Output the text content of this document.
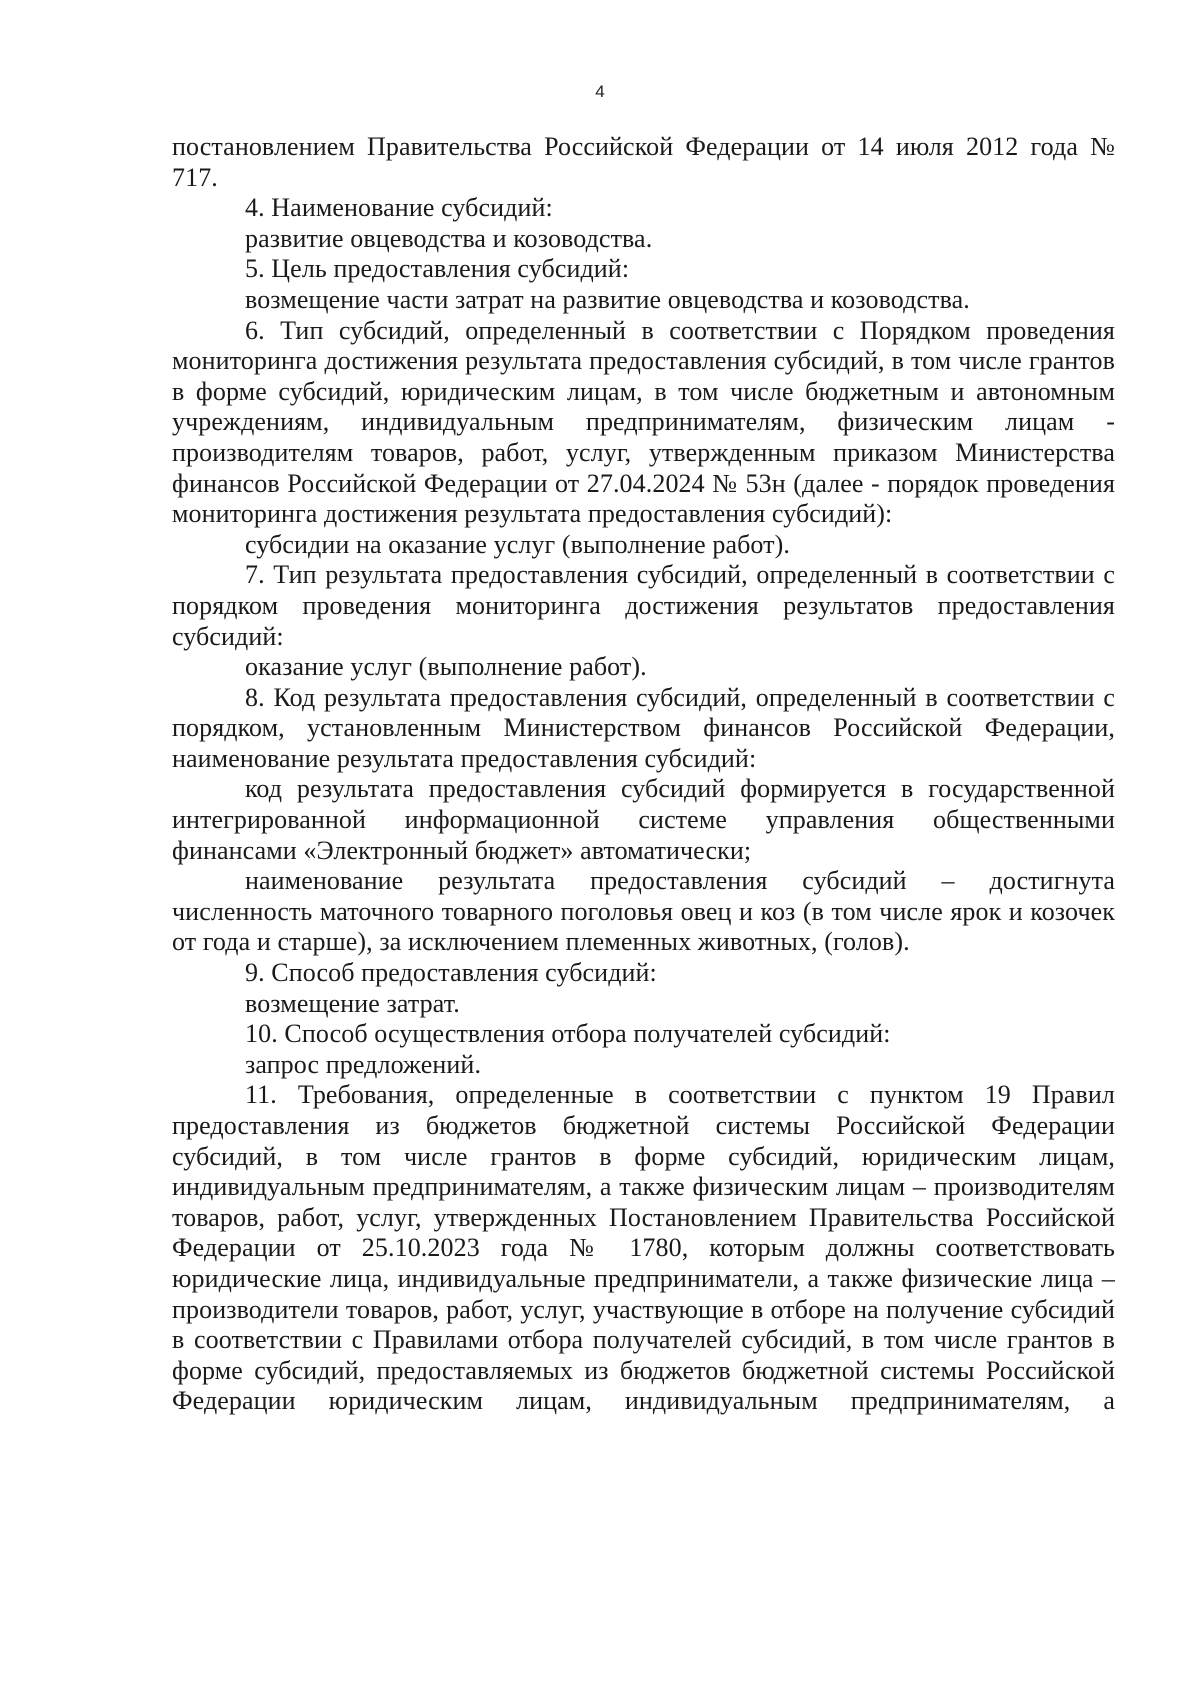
4

постановлением Правительства Российской Федерации от 14 июля 2012 года № 717.

4. Наименование субсидий:

развитие овцеводства и козоводства.

5. Цель предоставления субсидий:

возмещение части затрат на развитие овцеводства и козоводства.

6. Тип субсидий, определенный в соответствии с Порядком проведения мониторинга достижения результата предоставления субсидий, в том числе грантов в форме субсидий, юридическим лицам, в том числе бюджетным и автономным учреждениям, индивидуальным предпринимателям, физическим лицам - производителям товаров, работ, услуг, утвержденным приказом Министерства финансов Российской Федерации от 27.04.2024 № 53н (далее - порядок проведения мониторинга достижения результата предоставления субсидий):

субсидии на оказание услуг (выполнение работ).

7. Тип результата предоставления субсидий, определенный в соответствии с порядком проведения мониторинга достижения результатов предоставления субсидий:

оказание услуг (выполнение работ).

8. Код результата предоставления субсидий, определенный в соответствии с порядком, установленным Министерством финансов Российской Федерации, наименование результата предоставления субсидий:

код результата предоставления субсидий формируется в государственной интегрированной информационной системе управления общественными финансами «Электронный бюджет» автоматически;

наименование результата предоставления субсидий – достигнута численность маточного товарного поголовья овец и коз (в том числе ярок и козочек от года и старше), за исключением племенных животных, (голов).

9. Способ предоставления субсидий:

возмещение затрат.

10. Способ осуществления отбора получателей субсидий:

запрос предложений.

11. Требования, определенные в соответствии с пунктом 19 Правил предоставления из бюджетов бюджетной системы Российской Федерации субсидий, в том числе грантов в форме субсидий, юридическим лицам, индивидуальным предпринимателям, а также физическим лицам – производителям товаров, работ, услуг, утвержденных Постановлением Правительства Российской Федерации от 25.10.2023 года № 1780, которым должны соответствовать юридические лица, индивидуальные предприниматели, а также физические лица – производители товаров, работ, услуг, участвующие в отборе на получение субсидий в соответствии с Правилами отбора получателей субсидий, в том числе грантов в форме субсидий, предоставляемых из бюджетов бюджетной системы Российской Федерации юридическим лицам, индивидуальным предпринимателям, а
